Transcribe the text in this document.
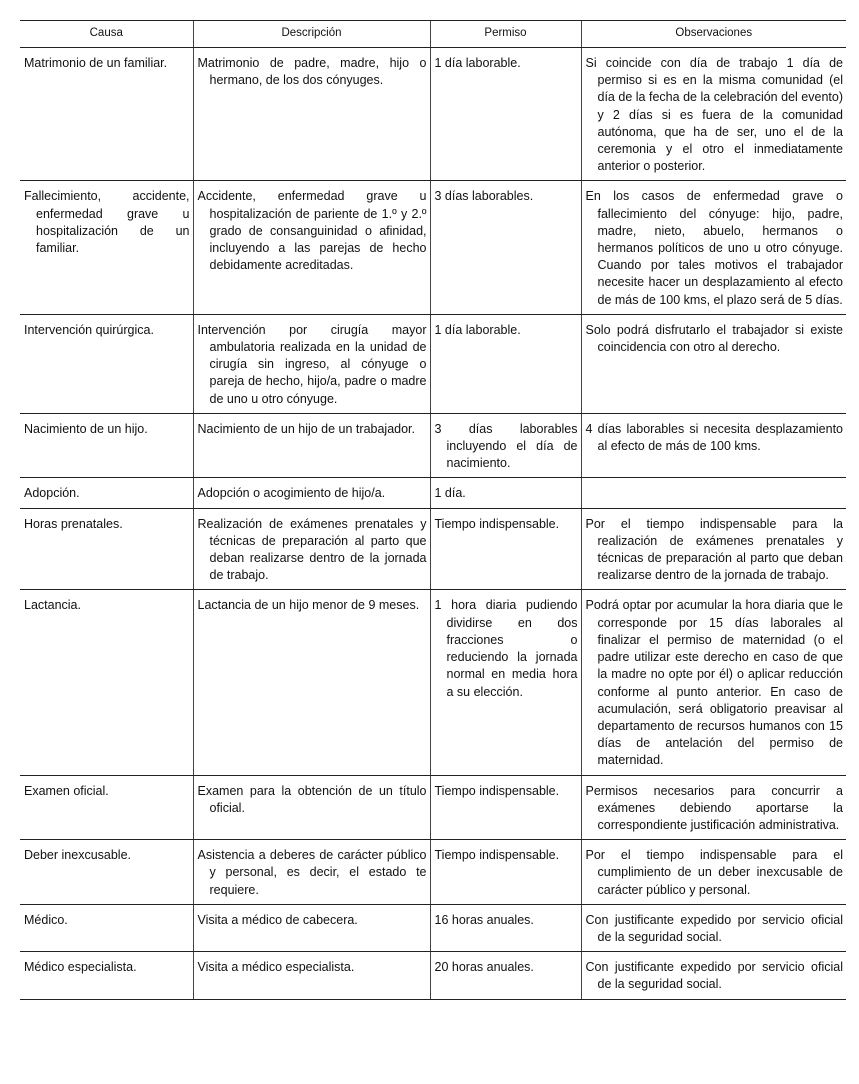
Causa	Descripción	Permiso	Observaciones

Matrimonio de un familiar.	Matrimonio de padre, madre, hijo o hermano, de los dos cónyuges.	1 día laborable.	Si coincide con día de trabajo 1 día de permiso si es en la misma comunidad (el día de la fecha de la celebración del evento) y 2 días si es fuera de la comunidad autónoma, que ha de ser, uno el de la ceremonia y el otro el inmediatamente anterior o posterior.

Fallecimiento, accidente, enfermedad grave u hospitalización de un familiar.	Accidente, enfermedad grave u hospitalización de pariente de 1.º y 2.º grado de consanguinidad o afinidad, incluyendo a las parejas de hecho debidamente acreditadas.	3 días laborables.	En los casos de enfermedad grave o fallecimiento del cónyuge: hijo, padre, madre, nieto, abuelo, hermanos o hermanos políticos de uno u otro cónyuge. Cuando por tales motivos el trabajador necesite hacer un desplazamiento al efecto de más de 100 kms, el plazo será de 5 días.

Intervención quirúrgica.	Intervención por cirugía mayor ambulatoria realizada en la unidad de cirugía sin ingreso, al cónyuge o pareja de hecho, hijo/a, padre o madre de uno u otro cónyuge.	1 día laborable.	Solo podrá disfrutarlo el trabajador si existe coincidencia con otro al derecho.

Nacimiento de un hijo.	Nacimiento de un hijo de un trabajador.	3 días laborables incluyendo el día de nacimiento.	4 días laborables si necesita desplazamiento al efecto de más de 100 kms.

Adopción.	Adopción o acogimiento de hijo/a.	1 día.	

Horas prenatales.	Realización de exámenes prenatales y técnicas de preparación al parto que deban realizarse dentro de la jornada de trabajo.	Tiempo indispensable.	Por el tiempo indispensable para la realización de exámenes prenatales y técnicas de preparación al parto que deban realizarse dentro de la jornada de trabajo.

Lactancia.	Lactancia de un hijo menor de 9 meses.	1 hora diaria pudiendo dividirse en dos fracciones o reduciendo la jornada normal en media hora a su elección.	Podrá optar por acumular la hora diaria que le corresponde por 15 días laborales al finalizar el permiso de maternidad (o el padre utilizar este derecho en caso de que la madre no opte por él) o aplicar reducción conforme al punto anterior. En caso de acumulación, será obligatorio preavisar al departamento de recursos humanos con 15 días de antelación del permiso de maternidad.

Examen oficial.	Examen para la obtención de un título oficial.	Tiempo indispensable.	Permisos necesarios para concurrir a exámenes debiendo aportarse la correspondiente justificación administrativa.

Deber inexcusable.	Asistencia a deberes de carácter público y personal, es decir, el estado te requiere.	Tiempo indispensable.	Por el tiempo indispensable para el cumplimiento de un deber inexcusable de carácter público y personal.

Médico.	Visita a médico de cabecera.	16 horas anuales.	Con justificante expedido por servicio oficial de la seguridad social.

Médico especialista.	Visita a médico especialista.	20 horas anuales.	Con justificante expedido por servicio oficial de la seguridad social.
